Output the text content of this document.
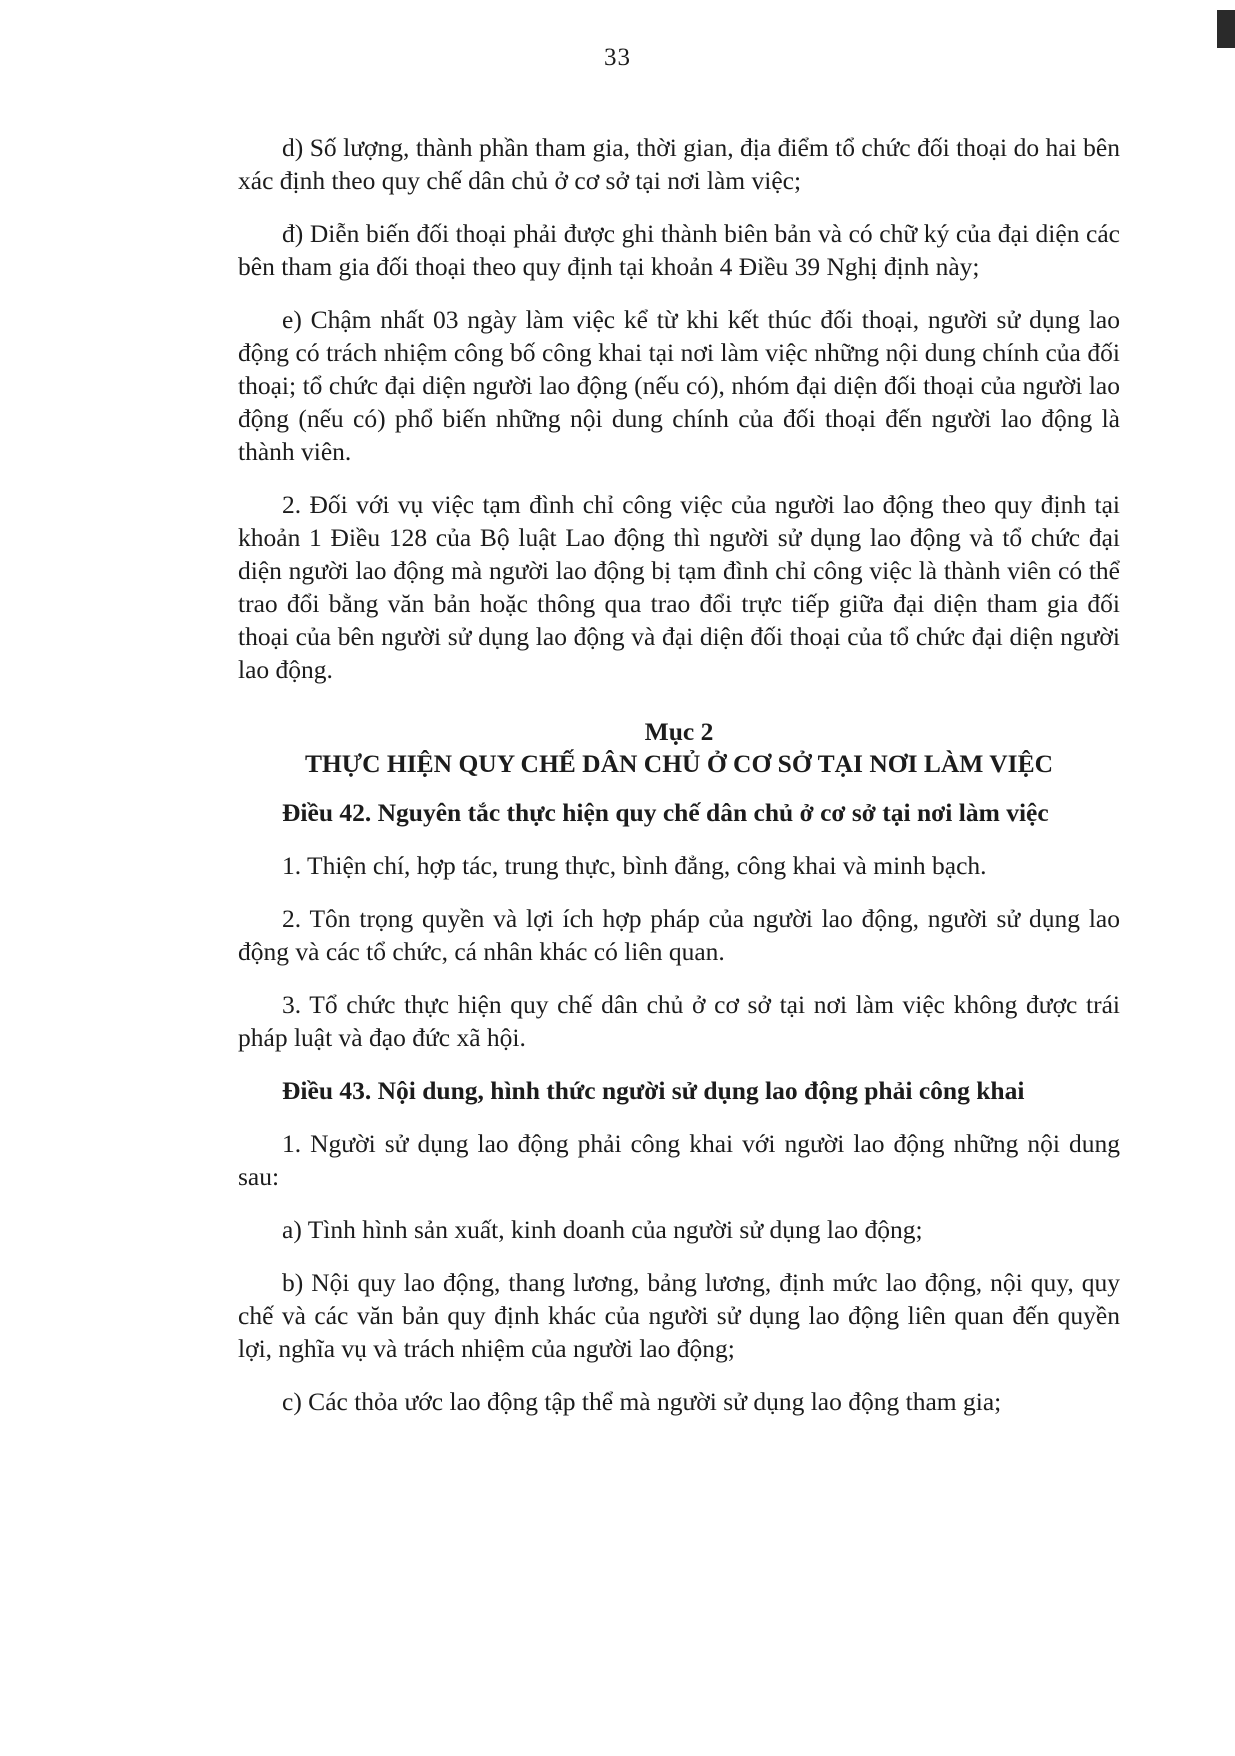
33

d) Số lượng, thành phần tham gia, thời gian, địa điểm tổ chức đối thoại do hai bên xác định theo quy chế dân chủ ở cơ sở tại nơi làm việc;

đ) Diễn biến đối thoại phải được ghi thành biên bản và có chữ ký của đại diện các bên tham gia đối thoại theo quy định tại khoản 4 Điều 39 Nghị định này;

e) Chậm nhất 03 ngày làm việc kể từ khi kết thúc đối thoại, người sử dụng lao động có trách nhiệm công bố công khai tại nơi làm việc những nội dung chính của đối thoại; tổ chức đại diện người lao động (nếu có), nhóm đại diện đối thoại của người lao động (nếu có) phổ biến những nội dung chính của đối thoại đến người lao động là thành viên.

2. Đối với vụ việc tạm đình chỉ công việc của người lao động theo quy định tại khoản 1 Điều 128 của Bộ luật Lao động thì người sử dụng lao động và tổ chức đại diện người lao động mà người lao động bị tạm đình chỉ công việc là thành viên có thể trao đổi bằng văn bản hoặc thông qua trao đổi trực tiếp giữa đại diện tham gia đối thoại của bên người sử dụng lao động và đại diện đối thoại của tổ chức đại diện người lao động.

Mục 2
THỰC HIỆN QUY CHẾ DÂN CHỦ Ở CƠ SỞ TẠI NƠI LÀM VIỆC

Điều 42. Nguyên tắc thực hiện quy chế dân chủ ở cơ sở tại nơi làm việc

1. Thiện chí, hợp tác, trung thực, bình đẳng, công khai và minh bạch.

2. Tôn trọng quyền và lợi ích hợp pháp của người lao động, người sử dụng lao động và các tổ chức, cá nhân khác có liên quan.

3. Tổ chức thực hiện quy chế dân chủ ở cơ sở tại nơi làm việc không được trái pháp luật và đạo đức xã hội.

Điều 43. Nội dung, hình thức người sử dụng lao động phải công khai

1. Người sử dụng lao động phải công khai với người lao động những nội dung sau:

a) Tình hình sản xuất, kinh doanh của người sử dụng lao động;

b) Nội quy lao động, thang lương, bảng lương, định mức lao động, nội quy, quy chế và các văn bản quy định khác của người sử dụng lao động liên quan đến quyền lợi, nghĩa vụ và trách nhiệm của người lao động;

c) Các thỏa ước lao động tập thể mà người sử dụng lao động tham gia;
